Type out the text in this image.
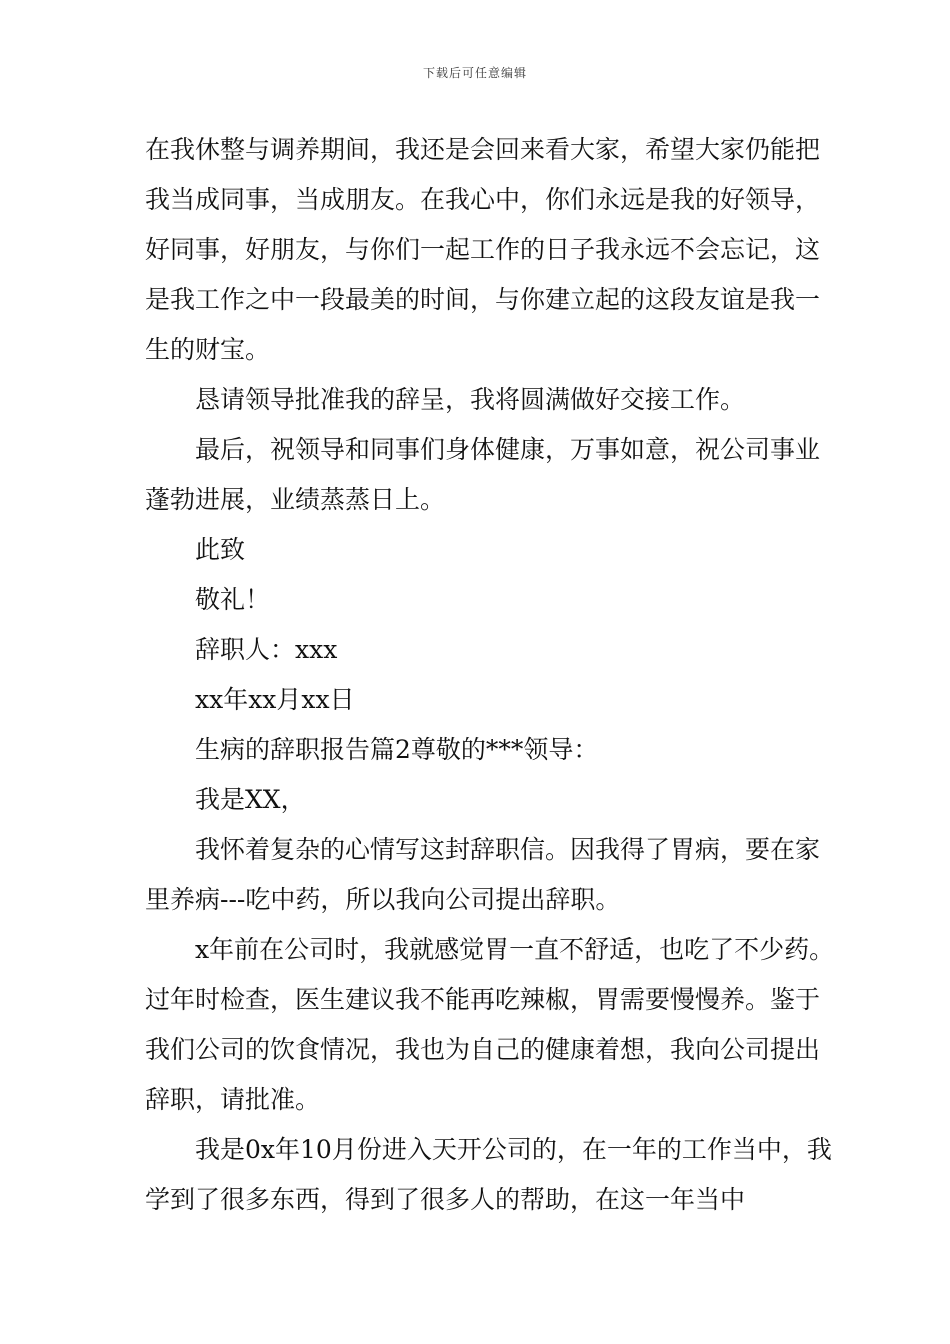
下载后可任意编辑

在我休整与调养期间，我还是会回来看大家，希望大家仍能把我当成同事，当成朋友。在我心中，你们永远是我的好领导，好同事，好朋友，与你们一起工作的日子我永远不会忘记，这是我工作之中一段最美的时间，与你建立起的这段友谊是我一生的财宝。

恳请领导批准我的辞呈，我将圆满做好交接工作。

最后，祝领导和同事们身体健康，万事如意，祝公司事业蓬勃进展，业绩蒸蒸日上。

此致

敬礼！

辞职人：xxx

xx年xx月xx日

生病的辞职报告篇2尊敬的***领导：

我是XX，

我怀着复杂的心情写这封辞职信。因我得了胃病，要在家里养病---吃中药，所以我向公司提出辞职。

x年前在公司时，我就感觉胃一直不舒适，也吃了不少药。过年时检查，医生建议我不能再吃辣椒，胃需要慢慢养。鉴于我们公司的饮食情况，我也为自己的健康着想，我向公司提出辞职，请批准。

我是0x年10月份进入天开公司的，在一年的工作当中，我学到了很多东西，得到了很多人的帮助，在这一年当中
